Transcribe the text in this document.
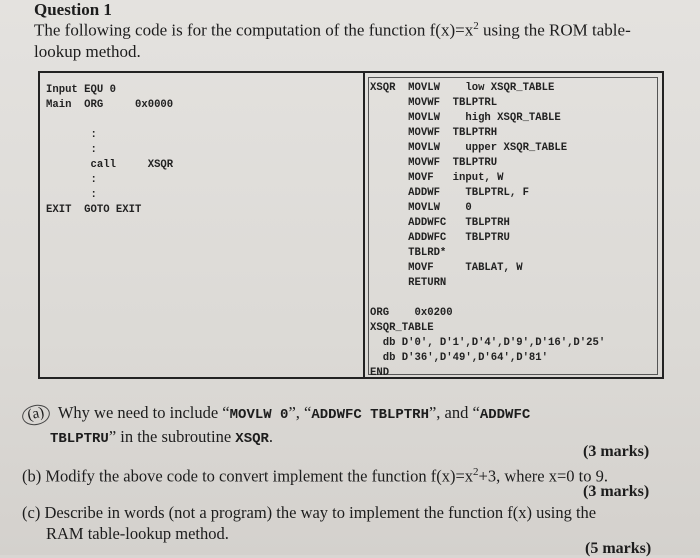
Question 1
The following code is for the computation of the function $f(x)=x^2$ using the ROM table-
lookup method.
Input EQU 0
Main  ORG     0x0000

:
:
call     XSQR
:
:
EXIT  GOTO EXIT
XSQR  MOVLW    low XSQR_TABLE
MOVWF  TBLPTRL
MOVLW    high XSQR_TABLE
MOVWF  TBLPTRH
MOVLW    upper XSQR_TABLE
MOVWF  TBLPTRU
MOVF   input, W
ADDWF    TBLPTRL, F
MOVLW    0
ADDWFC   TBLPTRH
ADDWFC   TBLPTRU
TBLRD*
MOVF     TABLAT, W
RETURN

ORG    0x0200
XSQR_TABLE
db D'0', D'1',D'4',D'9',D'16',D'25'
db D'36',D'49',D'64',D'81'
END
(a) Why we need to include “MOVLW 0”, “ADDWFC TBLPTRH”, and “ADDWFC
TBLPTRU” in the subroutine XSQR.
(3 marks)
(b) Modify the above code to convert implement the function $f(x)=x^2+3$, where x=0 to 9.
(3 marks)
(c) Describe in words (not a program) the way to implement the function f(x) using the
RAM table-lookup method.
(5 marks)
